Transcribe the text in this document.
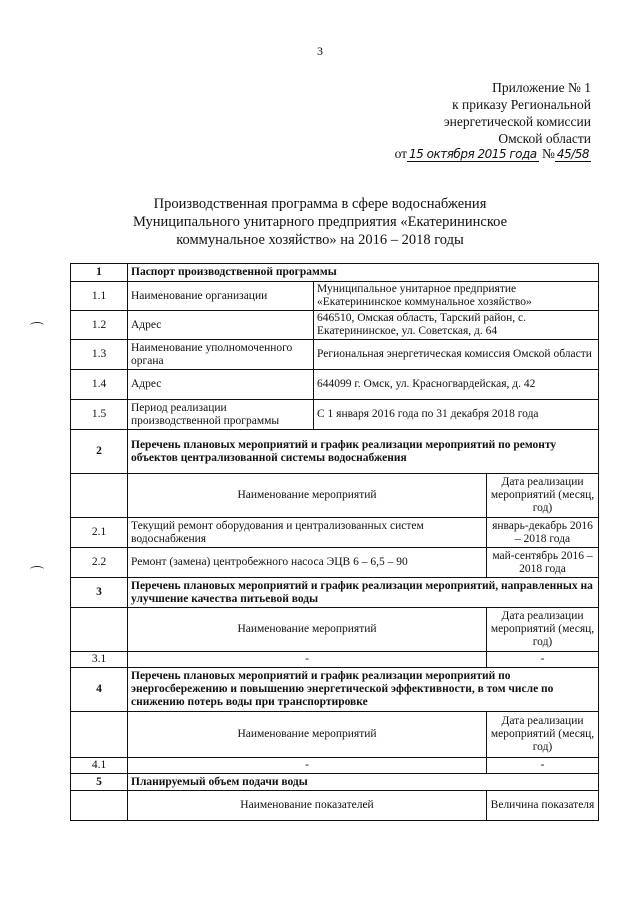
3
Приложение № 1
к приказу Региональной
энергетической комиссии
Омской области
от 15 октября 2015 года № 45/58
Производственная программа в сфере водоснабжения
Муниципального унитарного предприятия «Екатерининское
коммунальное хозяйство» на 2016 – 2018 годы
1	Паспорт производственной программы		
1.1	Наименование организации	Муниципальное унитарное предприятие «Екатерининское коммунальное хозяйство»	
1.2	Адрес	646510, Омская область, Тарский район, с. Екатерининское, ул. Советская, д. 64	
1.3	Наименование уполномоченного органа	Региональная энергетическая комиссия Омской области	
1.4	Адрес	644099 г. Омск, ул. Красногвардейская, д. 42	
1.5	Период реализации производственной программы	С 1 января 2016 года по 31 декабря 2018 года	
2	Перечень плановых мероприятий и график реализации мероприятий по ремонту объектов централизованной системы водоснабжения		
	Наименование мероприятий		Дата реализации мероприятий (месяц, год)
2.1	Текущий ремонт оборудования и централизованных систем водоснабжения		январь-декабрь 2016 – 2018 года
2.2	Ремонт (замена) центробежного насоса ЭЦВ 6 – 6,5 – 90		май-сентябрь 2016 – 2018 года
3	Перечень плановых мероприятий и график реализации мероприятий, направленных на улучшение качества питьевой воды		
	Наименование мероприятий		Дата реализации мероприятий (месяц, год)
3.1	-		-
4	Перечень плановых мероприятий и график реализации мероприятий по энергосбережению и повышению энергетической эффективности, в том числе по снижению потерь воды при транспортировке		
	Наименование мероприятий		Дата реализации мероприятий (месяц, год)
4.1	-		-
5	Планируемый объем подачи воды		
	Наименование показателей		Величина показателя
